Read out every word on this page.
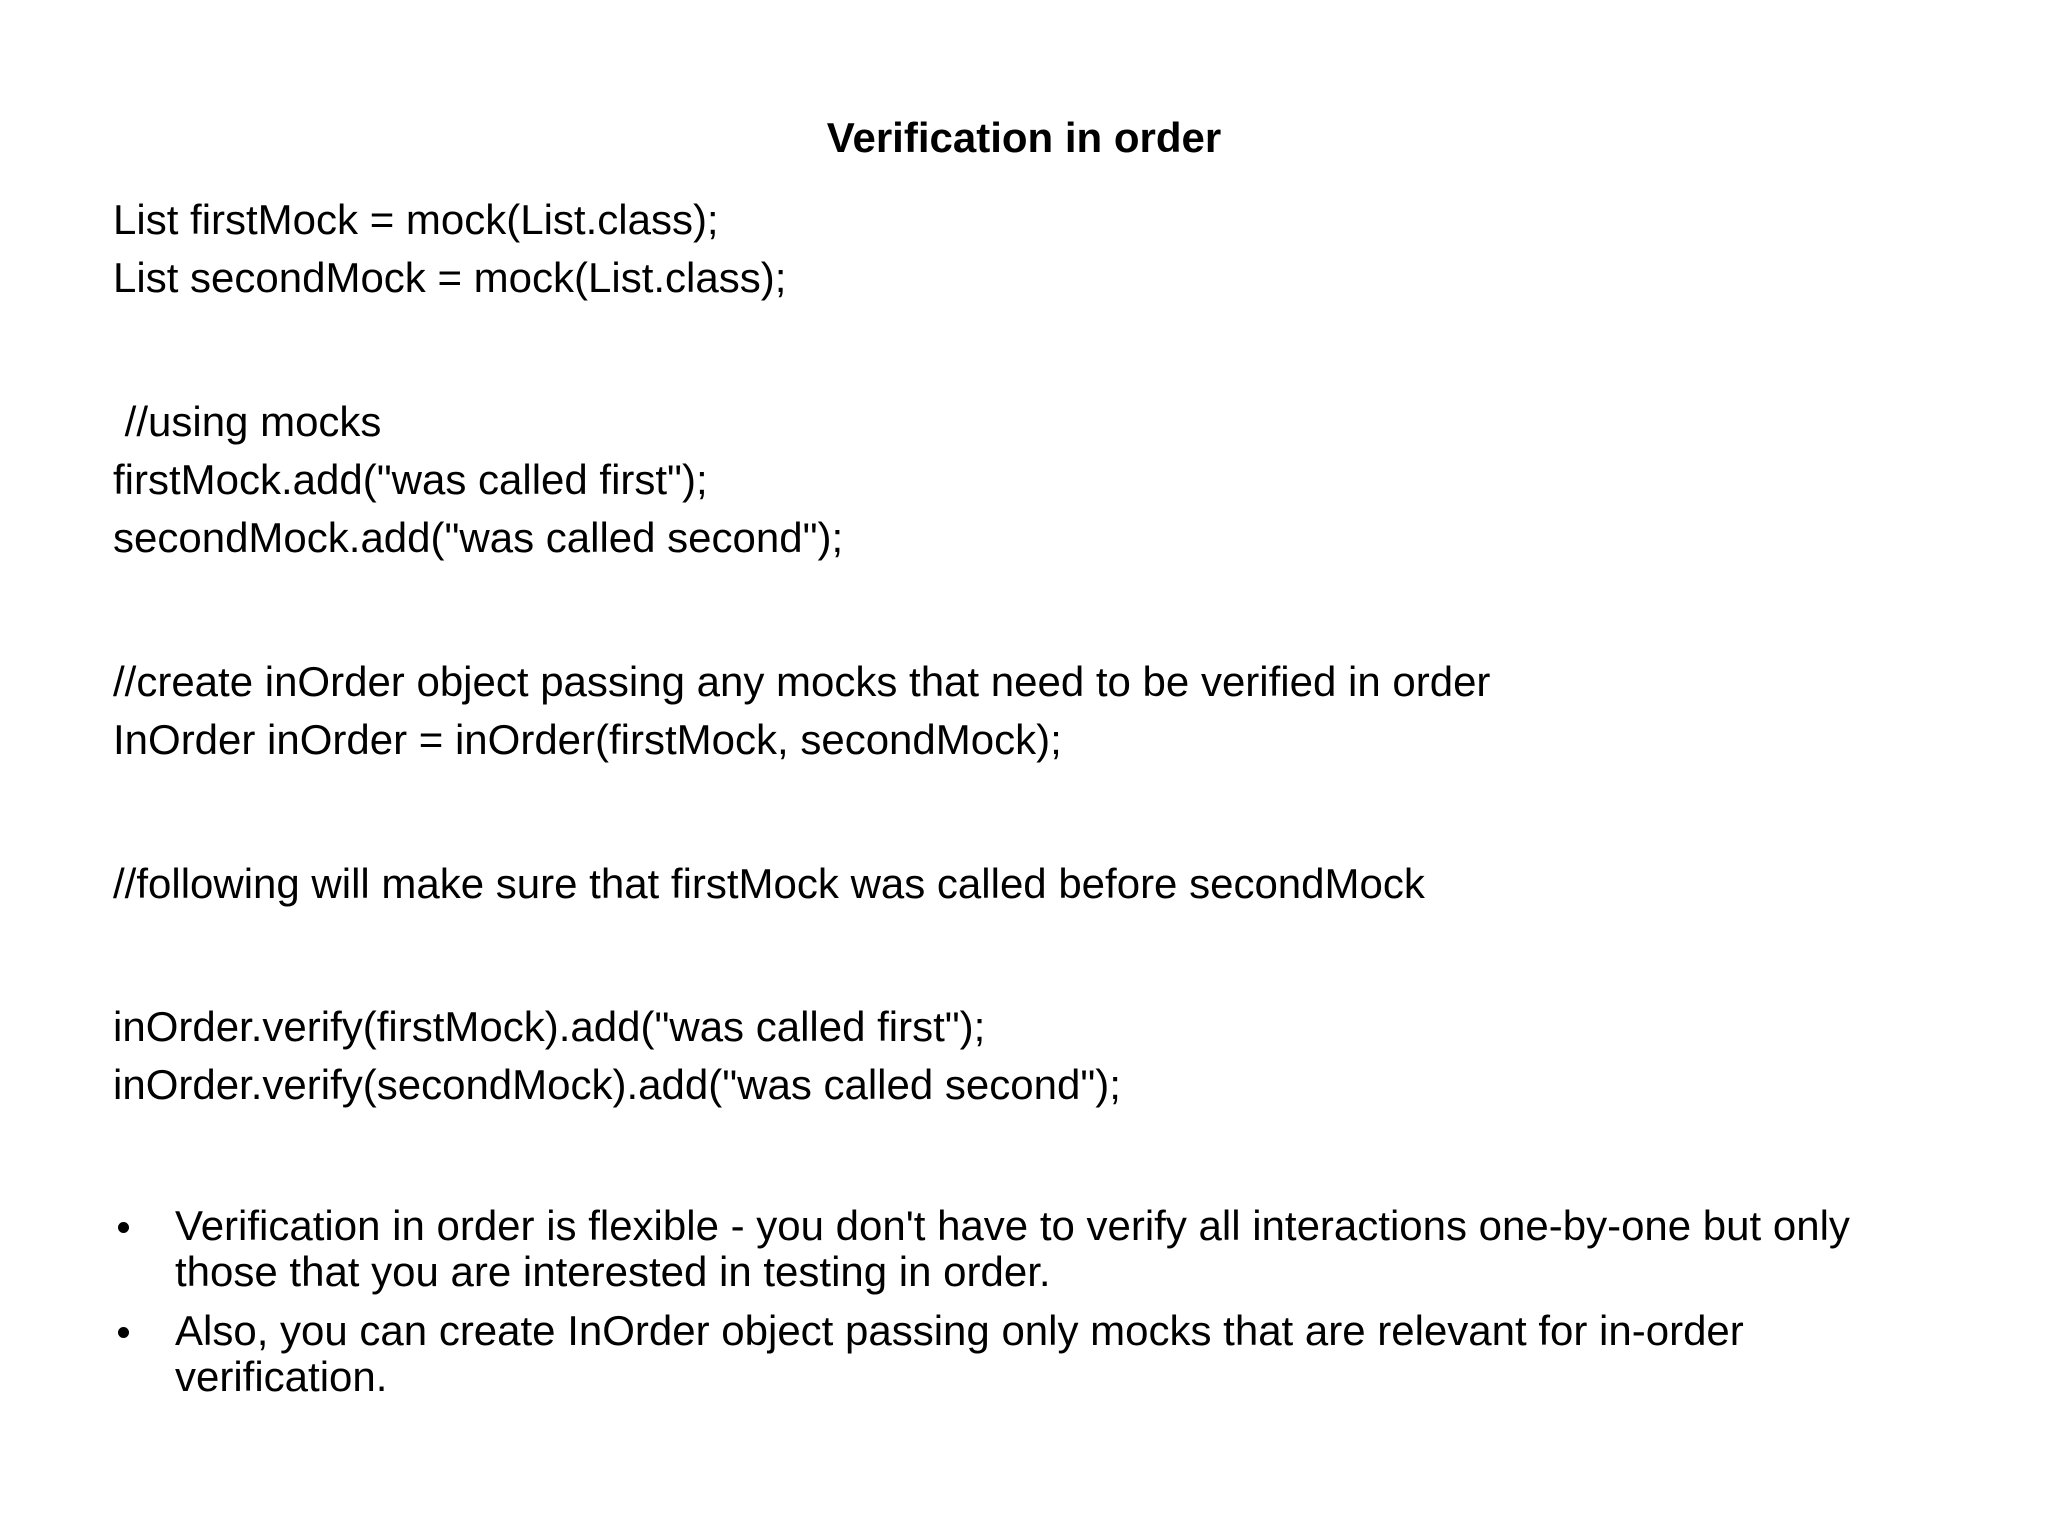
Verification in order
List firstMock = mock(List.class);
List secondMock = mock(List.class);
//using mocks
firstMock.add("was called first");
secondMock.add("was called second");
//create inOrder object passing any mocks that need to be verified in order
InOrder inOrder = inOrder(firstMock, secondMock);
//following will make sure that firstMock was called before secondMock
inOrder.verify(firstMock).add("was called first");
inOrder.verify(secondMock).add("was called second");
Verification in order is flexible - you don't have to verify all interactions one-by-one but only those that you are interested in testing in order.
Also, you can create InOrder object passing only mocks that are relevant for in-order verification.
